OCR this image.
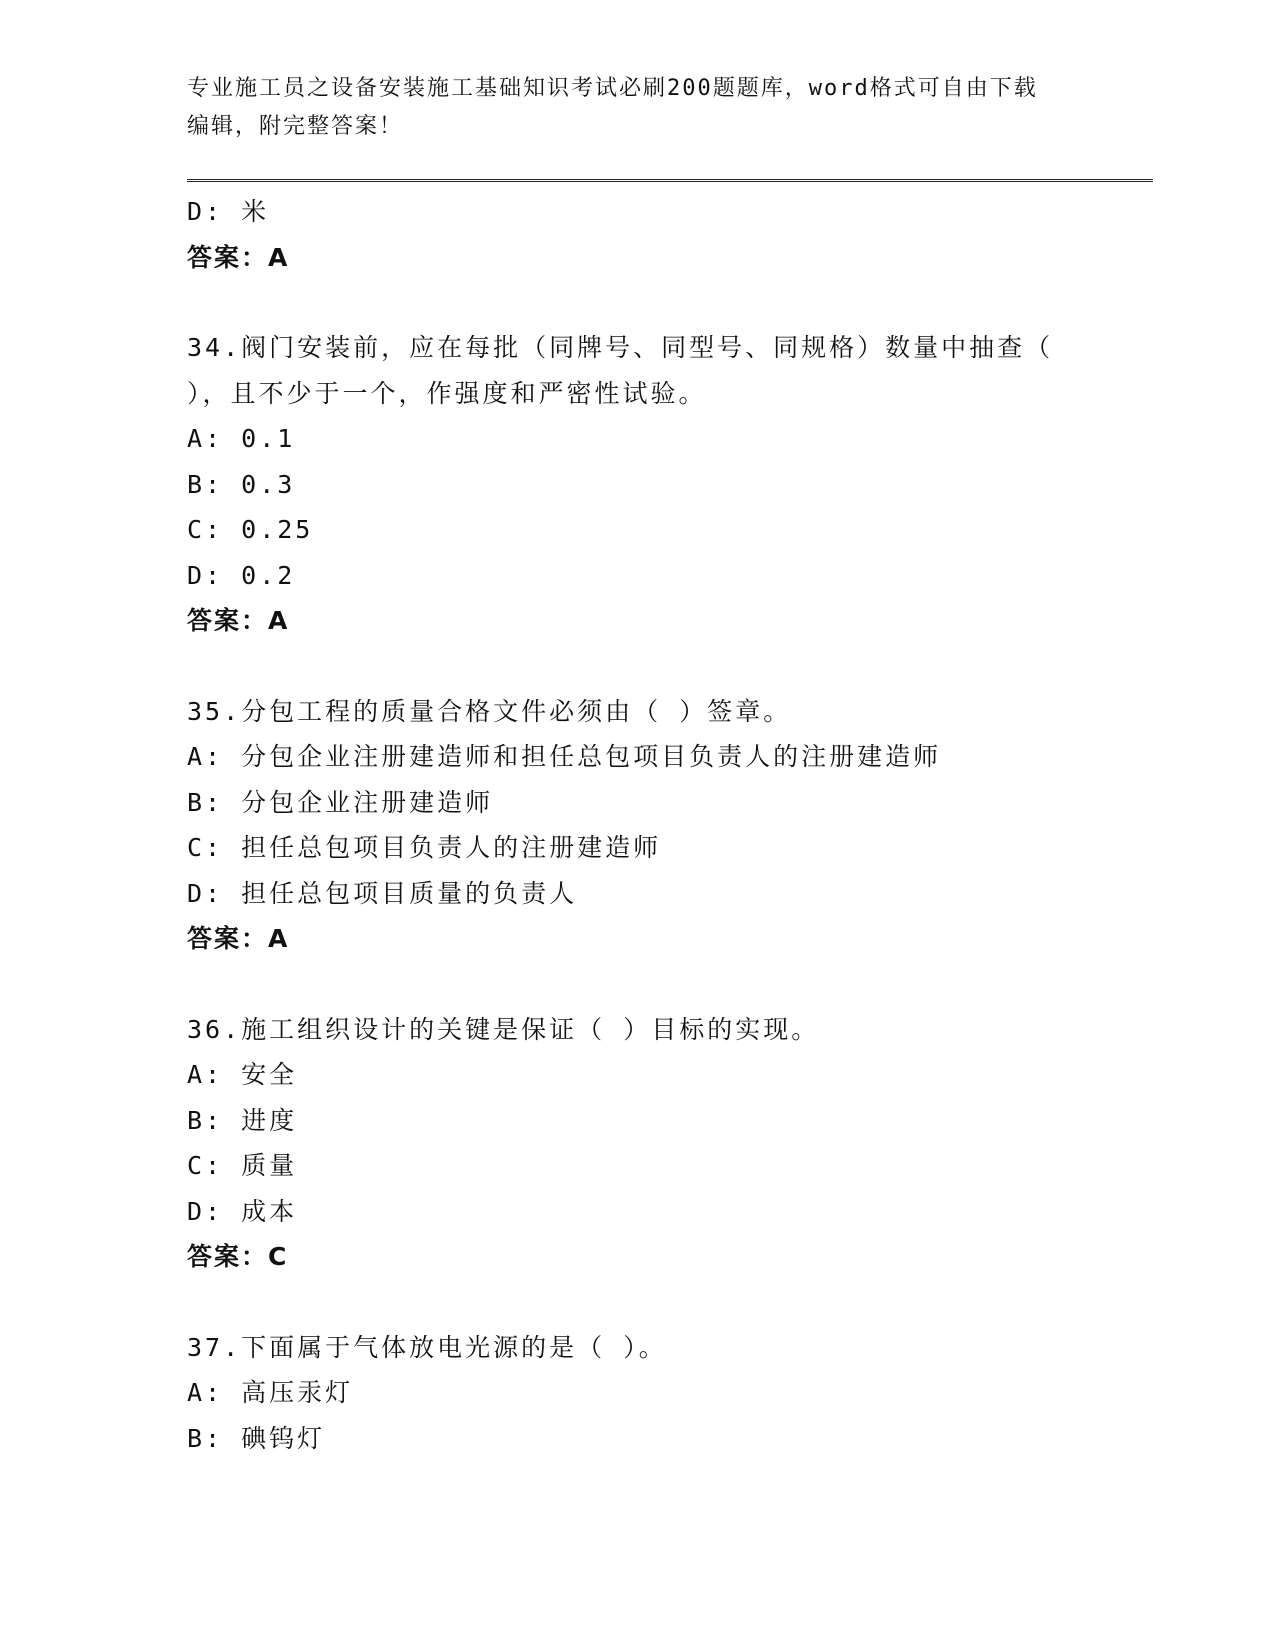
专业施工员之设备安装施工基础知识考试必刷200题题库，word格式可自由下载
编辑，附完整答案！
D: 米
答案：A
34.阀门安装前，应在每批（同牌号、同型号、同规格）数量中抽查（
），且不少于一个，作强度和严密性试验。
A: 0.1
B: 0.3
C: 0.25
D: 0.2
答案：A
35.分包工程的质量合格文件必须由（ ）签章。
A: 分包企业注册建造师和担任总包项目负责人的注册建造师
B: 分包企业注册建造师
C: 担任总包项目负责人的注册建造师
D: 担任总包项目质量的负责人
答案：A
36.施工组织设计的关键是保证（ ）目标的实现。
A: 安全
B: 进度
C: 质量
D: 成本
答案：C
37.下面属于气体放电光源的是（ ）。
A: 高压汞灯
B: 碘钨灯
